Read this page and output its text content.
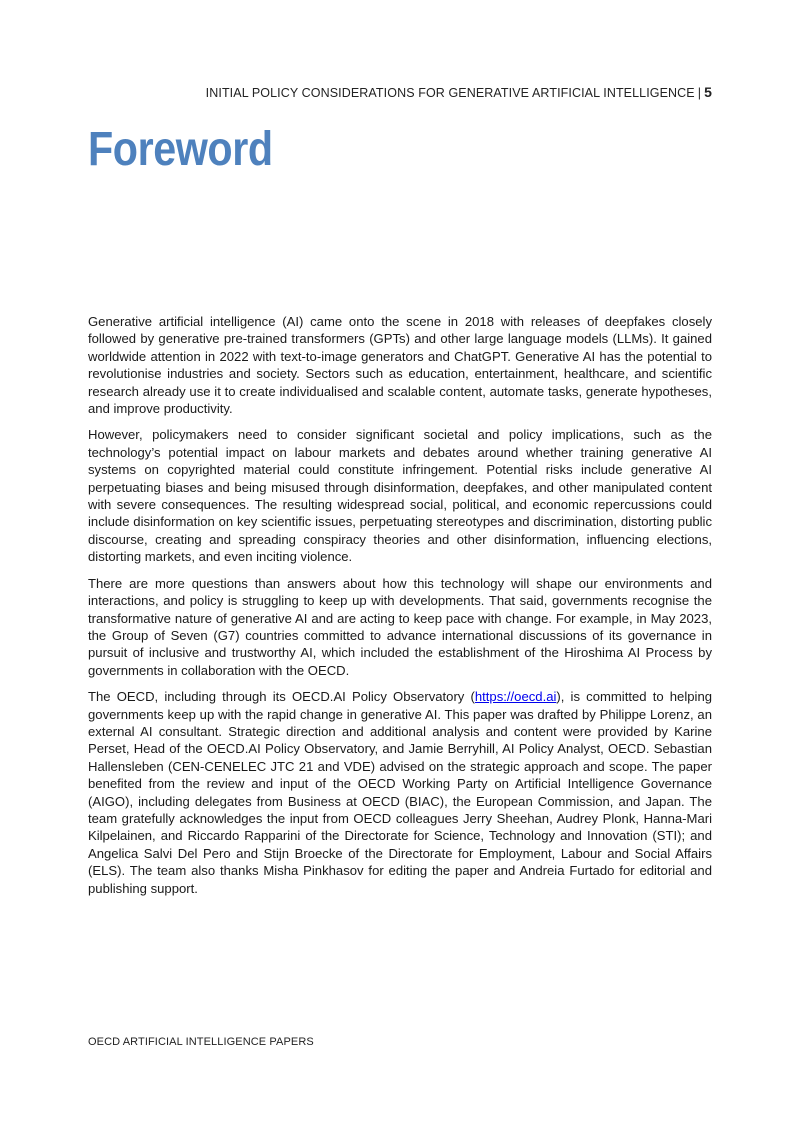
INITIAL POLICY CONSIDERATIONS FOR GENERATIVE ARTIFICIAL INTELLIGENCE | 5
Foreword

Generative artificial intelligence (AI) came onto the scene in 2018 with releases of deepfakes closely followed by generative pre-trained transformers (GPTs) and other large language models (LLMs). It gained worldwide attention in 2022 with text-to-image generators and ChatGPT. Generative AI has the potential to revolutionise industries and society. Sectors such as education, entertainment, healthcare, and scientific research already use it to create individualised and scalable content, automate tasks, generate hypotheses, and improve productivity.

However, policymakers need to consider significant societal and policy implications, such as the technology’s potential impact on labour markets and debates around whether training generative AI systems on copyrighted material could constitute infringement. Potential risks include generative AI perpetuating biases and being misused through disinformation, deepfakes, and other manipulated content with severe consequences. The resulting widespread social, political, and economic repercussions could include disinformation on key scientific issues, perpetuating stereotypes and discrimination, distorting public discourse, creating and spreading conspiracy theories and other disinformation, influencing elections, distorting markets, and even inciting violence.

There are more questions than answers about how this technology will shape our environments and interactions, and policy is struggling to keep up with developments. That said, governments recognise the transformative nature of generative AI and are acting to keep pace with change. For example, in May 2023, the Group of Seven (G7) countries committed to advance international discussions of its governance in pursuit of inclusive and trustworthy AI, which included the establishment of the Hiroshima AI Process by governments in collaboration with the OECD.

The OECD, including through its OECD.AI Policy Observatory (https://oecd.ai), is committed to helping governments keep up with the rapid change in generative AI. This paper was drafted by Philippe Lorenz, an external AI consultant. Strategic direction and additional analysis and content were provided by Karine Perset, Head of the OECD.AI Policy Observatory, and Jamie Berryhill, AI Policy Analyst, OECD. Sebastian Hallensleben (CEN-CENELEC JTC 21 and VDE) advised on the strategic approach and scope. The paper benefited from the review and input of the OECD Working Party on Artificial Intelligence Governance (AIGO), including delegates from Business at OECD (BIAC), the European Commission, and Japan. The team gratefully acknowledges the input from OECD colleagues Jerry Sheehan, Audrey Plonk, Hanna-Mari Kilpelainen, and Riccardo Rapparini of the Directorate for Science, Technology and Innovation (STI); and Angelica Salvi Del Pero and Stijn Broecke of the Directorate for Employment, Labour and Social Affairs (ELS). The team also thanks Misha Pinkhasov for editing the paper and Andreia Furtado for editorial and publishing support.

OECD ARTIFICIAL INTELLIGENCE PAPERS
